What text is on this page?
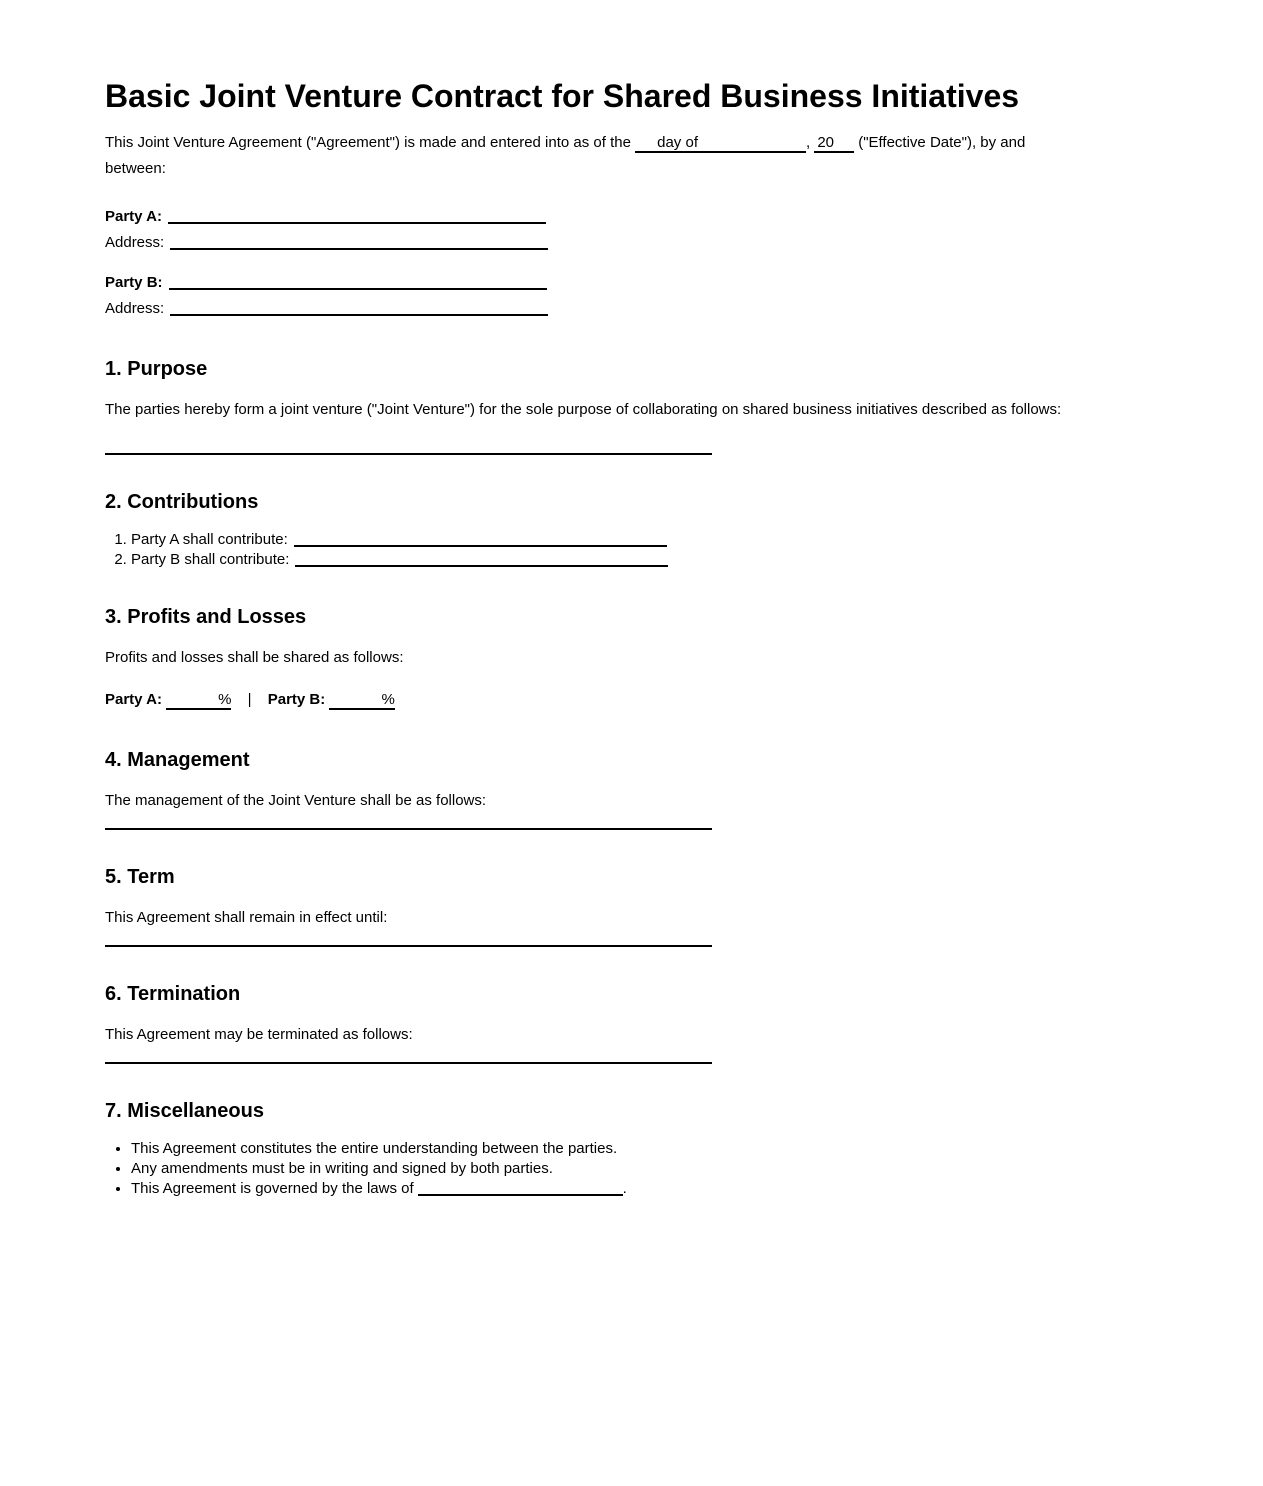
Basic Joint Venture Contract for Shared Business Initiatives

This Joint Venture Agreement ("Agreement") is made and entered into as of the day of	, 20 ("Effective Date"), by and
between:

Party A:
Address:
Party B:
Address:
1. Purpose

The parties hereby form a joint venture ("Joint Venture") for the sole purpose of collaborating on shared business initiatives described as follows:

2. Contributions
1. Party A shall contribute:
2. Party B shall contribute:
3. Profits and Losses

Profits and losses shall be shared as follows:

Party A:	% | Party B:	%
4. Management

The management of the Joint Venture shall be as follows:

5. Term

This Agreement shall remain in effect until:

6. Termination

This Agreement may be terminated as follows:

7. Miscellaneous
• This Agreement constitutes the entire understanding between the parties.
• Any amendments must be in writing and signed by both parties.
• This Agreement is governed by the laws of	.
